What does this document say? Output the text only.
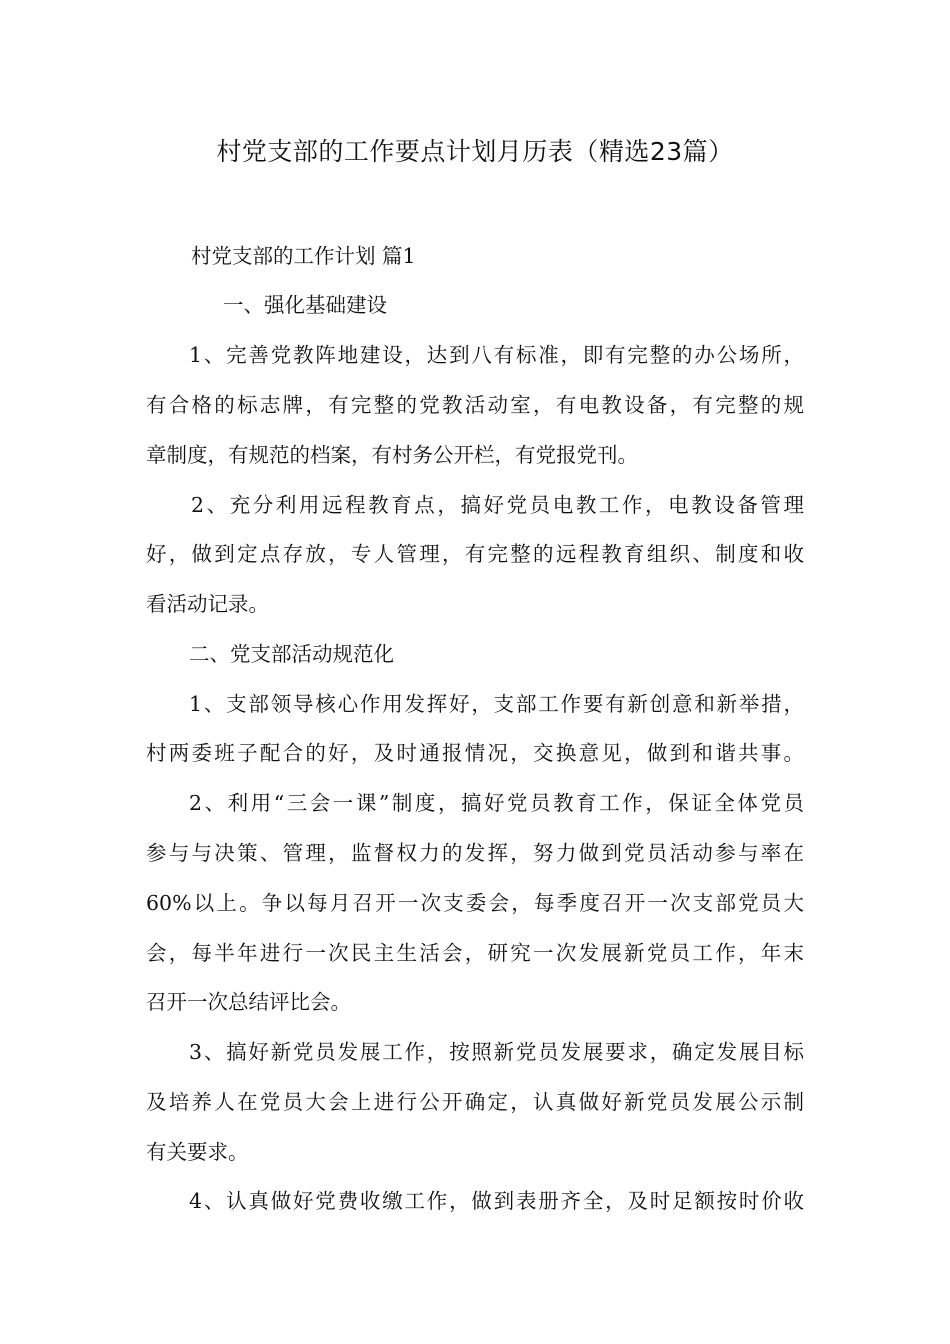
村党支部的工作要点计划月历表（精选23篇）

村党支部的工作计划 篇1

一、强化基础建设

1、完善党教阵地建设，达到八有标准，即有完整的办公场所，

有合格的标志牌，有完整的党教活动室，有电教设备，有完整的规

章制度，有规范的档案，有村务公开栏，有党报党刊。

2、充分利用远程教育点，搞好党员电教工作，电教设备管理

好，做到定点存放，专人管理，有完整的远程教育组织、制度和收

看活动记录。

二、党支部活动规范化

1、支部领导核心作用发挥好，支部工作要有新创意和新举措，

村两委班子配合的好，及时通报情况，交换意见，做到和谐共事。

2、利用“三会一课”制度，搞好党员教育工作，保证全体党员

参与与决策、管理，监督权力的发挥，努力做到党员活动参与率在

60%以上。争以每月召开一次支委会，每季度召开一次支部党员大

会，每半年进行一次民主生活会，研究一次发展新党员工作，年末

召开一次总结评比会。

3、搞好新党员发展工作，按照新党员发展要求，确定发展目标

及培养人在党员大会上进行公开确定，认真做好新党员发展公示制

有关要求。

4、认真做好党费收缴工作，做到表册齐全，及时足额按时价收
